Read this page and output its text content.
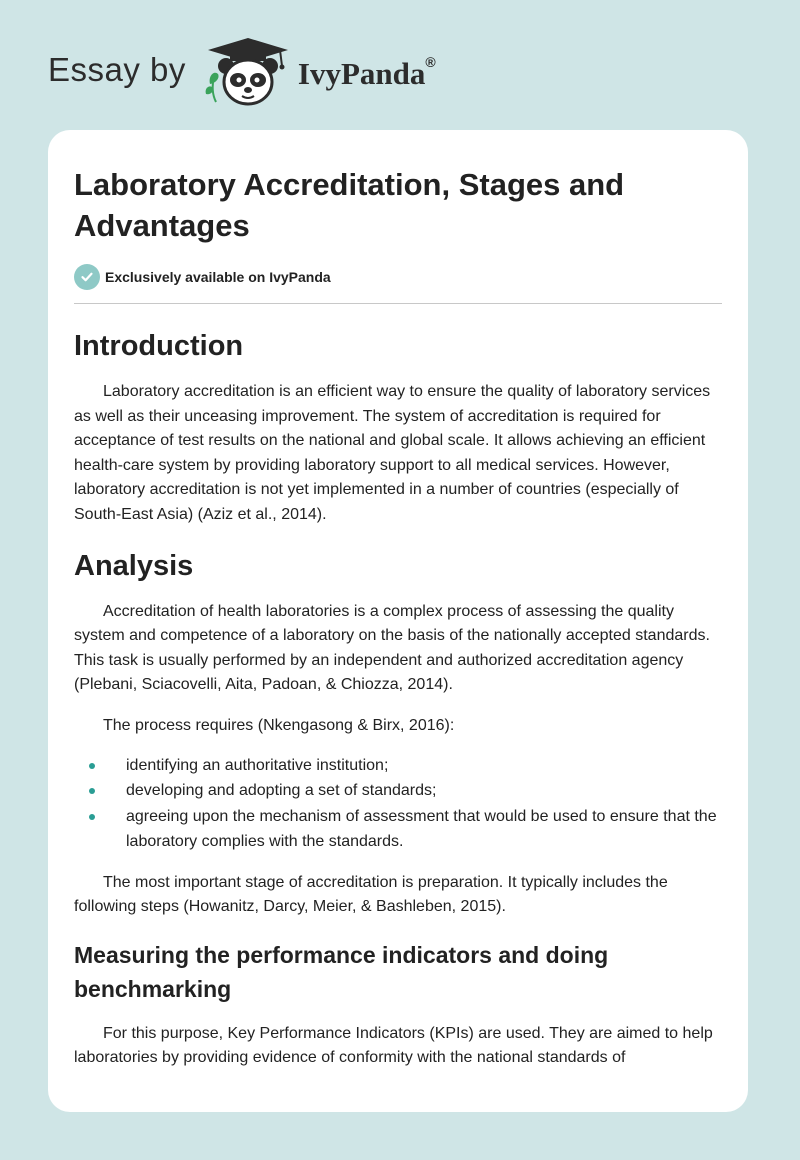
Essay by	IvyPanda®
Laboratory Accreditation, Stages and Advantages
Exclusively available on IvyPanda
Introduction

Laboratory accreditation is an efficient way to ensure the quality of laboratory services as well as their unceasing improvement. The system of accreditation is required for acceptance of test results on the national and global scale. It allows achieving an efficient health-care system by providing laboratory support to all medical services. However, laboratory accreditation is not yet implemented in a number of countries (especially of South-East Asia) (Aziz et al., 2014).

Analysis

Accreditation of health laboratories is a complex process of assessing the quality system and competence of a laboratory on the basis of the nationally accepted standards. This task is usually performed by an independent and authorized accreditation agency (Plebani, Sciacovelli, Aita, Padoan, & Chiozza, 2014).

The process requires (Nkengasong & Birx, 2016):

identifying an authoritative institution;
developing and adopting a set of standards;
agreeing upon the mechanism of assessment that would be used to ensure that the laboratory complies with the standards.

The most important stage of accreditation is preparation. It typically includes the following steps (Howanitz, Darcy, Meier, & Bashleben, 2015).

Measuring the performance indicators and doing benchmarking

For this purpose, Key Performance Indicators (KPIs) are used. They are aimed to help laboratories by providing evidence of conformity with the national standards of
